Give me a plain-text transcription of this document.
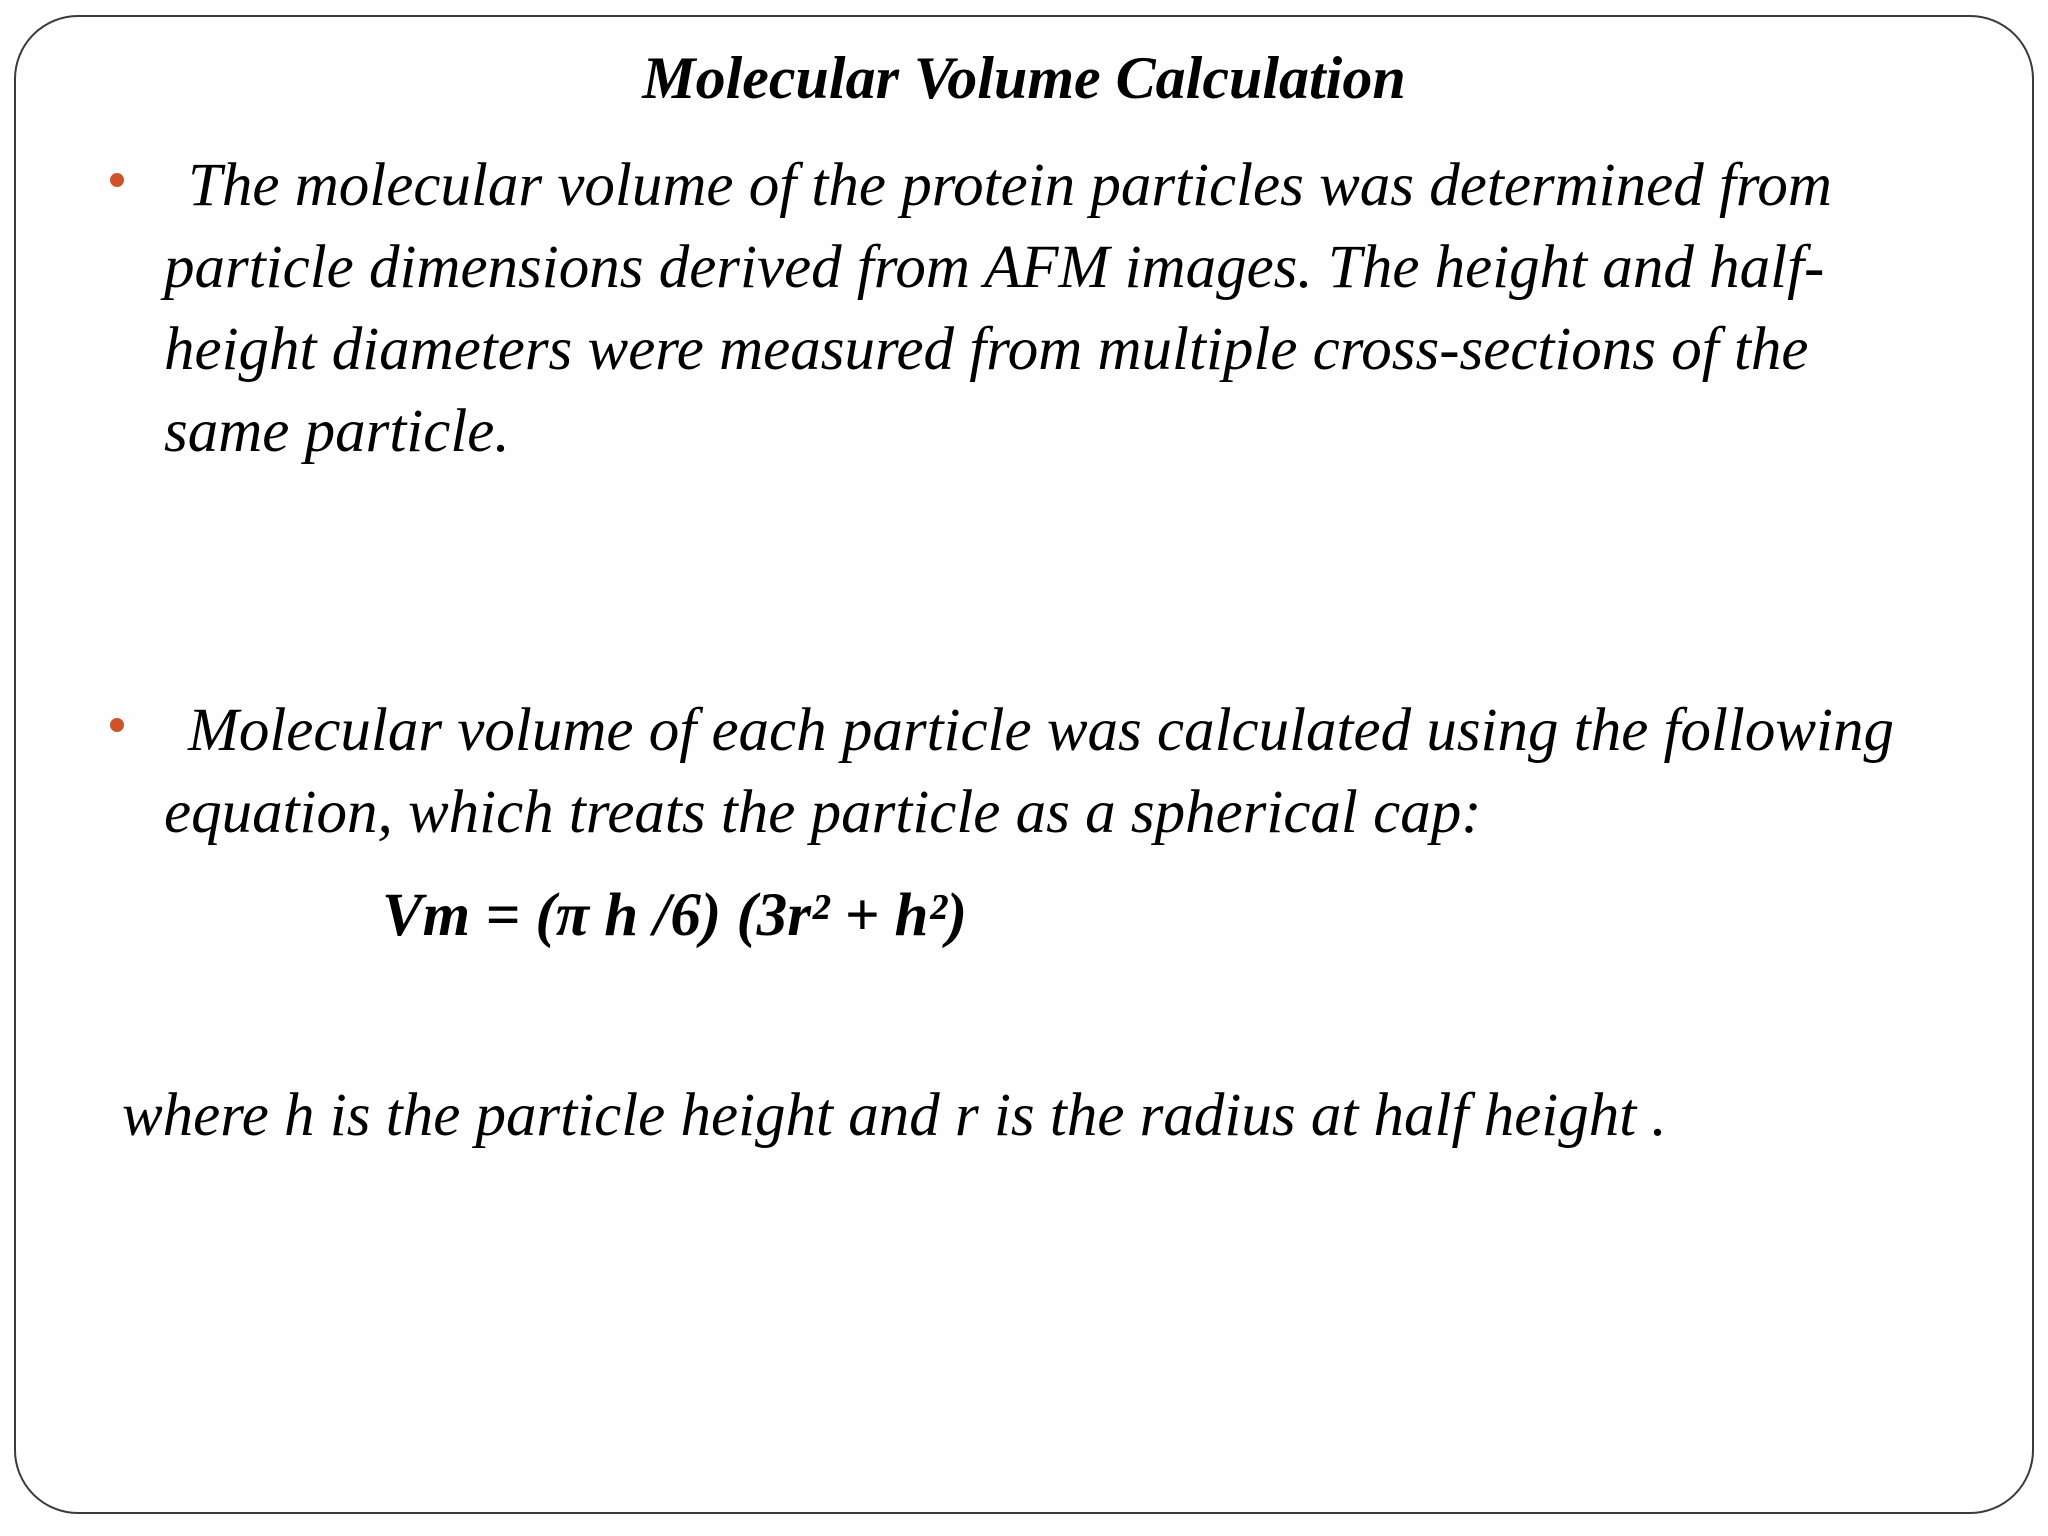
Molecular Volume Calculation
The molecular volume of the protein particles was determined from particle dimensions derived from AFM images. The height and half-height diameters were measured from multiple cross-sections of the same particle.
Molecular volume of each particle was calculated using the following equation, which treats the particle as a spherical cap:
Vm = (π h /6) (3r² + h²)
where h is the particle height and r is the radius at half height .
